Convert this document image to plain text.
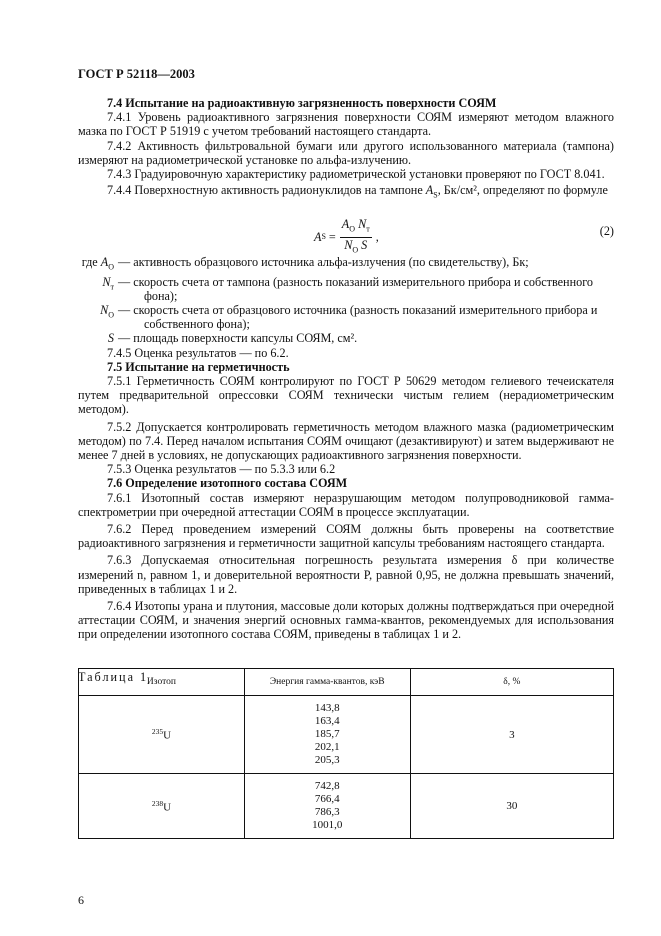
ГОСТ Р 52118—2003

7.4 Испытание на радиоактивную загрязненность поверхности СОЯМ

7.4.1 Уровень радиоактивного загрязнения поверхности СОЯМ измеряют методом влажного мазка по ГОСТ Р 51919 с учетом требований настоящего стандарта.

7.4.2 Активность фильтровальной бумаги или другого использованного материала (тампона) измеряют на радиометрической установке по альфа-излучению.

7.4.3 Градуировочную характеристику радиометрической установки проверяют по ГОСТ 8.041.

7.4.4 Поверхностную активность радионуклидов на тампоне $A_S$, Бк/см², определяют по формуле

A $S = \frac{A_O N_т}{N_O S}$ ,	(2)
где $A_O$ — активность образцового источника альфа-излучения (по свидетельству), Бк;
$N_т$ — скорость счета от тампона (разность показаний измерительного прибора и собственного
фона);
$N_O$ — скорость счета от образцового источника (разность показаний измерительного прибора и
собственного фона);
S — площадь поверхности капсулы СОЯМ, см².

7.4.5 Оценка результатов — по 6.2.

7.5 Испытание на герметичность

7.5.1 Герметичность СОЯМ контролируют по ГОСТ Р 50629 методом гелиевого течеискателя путем предварительной опрессовки СОЯМ технически чистым гелием (нерадиометрическим методом).

7.5.2 Допускается контролировать герметичность методом влажного мазка (радиометрическим методом) по 7.4. Перед началом испытания СОЯМ очищают (дезактивируют) и затем выдерживают не менее 7 дней в условиях, не допускающих радиоактивного загрязнения поверхности.

7.5.3 Оценка результатов — по 5.3.3 или 6.2

7.6 Определение изотопного состава СОЯМ

7.6.1 Изотопный состав измеряют неразрушающим методом полупроводниковой гамма-спектрометрии при очередной аттестации СОЯМ в процессе эксплуатации.

7.6.2 Перед проведением измерений СОЯМ должны быть проверены на соответствие радиоактивного загрязнения и герметичности защитной капсулы требованиям настоящего стандарта.

7.6.3 Допускаемая относительная погрешность результата измерения δ при количестве измерений n, равном 1, и доверительной вероятности P, равной 0,95, не должна превышать значений, приведенных в таблицах 1 и 2.

7.6.4 Изотопы урана и плутония, массовые доли которых должны подтверждаться при очередной аттестации СОЯМ, и значения энергий основных гамма-квантов, рекомендуемых для использования при определении изотопного состава СОЯМ, приведены в таблицах 1 и 2.

Таблица 1
Изотоп	Энергия гамма-квантов, кэВ	δ, %
$^{235}$U	143,8
163,4
185,7
202,1
205,3	3
$^{238}$U	742,8
766,4
786,3
1001,0	30
6
